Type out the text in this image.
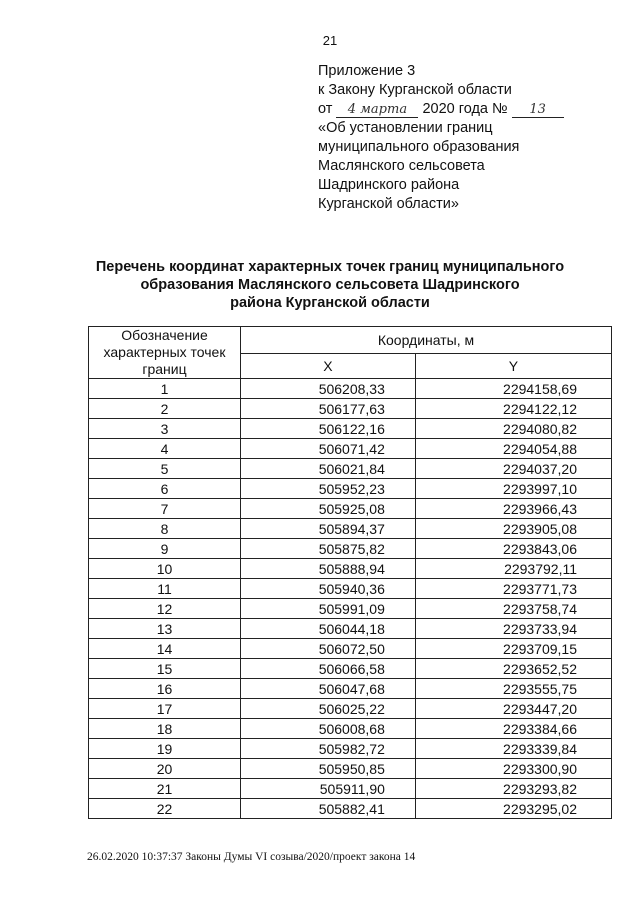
21
Приложение 3
к Закону Курганской области
от 4 марта 2020 года № 13
«Об установлении границ
муниципального образования
Маслянского сельсовета
Шадринского района
Курганской области»
Перечень координат характерных точек границ муниципального
образования Маслянского сельсовета Шадринского
района Курганской области
Обозначение
характерных точек
границ	Координаты, м	
	X	Y
1	506208,33	2294158,69
2	506177,63	2294122,12
3	506122,16	2294080,82
4	506071,42	2294054,88
5	506021,84	2294037,20
6	505952,23	2293997,10
7	505925,08	2293966,43
8	505894,37	2293905,08
9	505875,82	2293843,06
10	505888,94	2293792,11
11	505940,36	2293771,73
12	505991,09	2293758,74
13	506044,18	2293733,94
14	506072,50	2293709,15
15	506066,58	2293652,52
16	506047,68	2293555,75
17	506025,22	2293447,20
18	506008,68	2293384,66
19	505982,72	2293339,84
20	505950,85	2293300,90
21	505911,90	2293293,82
22	505882,41	2293295,02
26.02.2020 10:37:37 Законы Думы VI созыва/2020/проект закона 14
